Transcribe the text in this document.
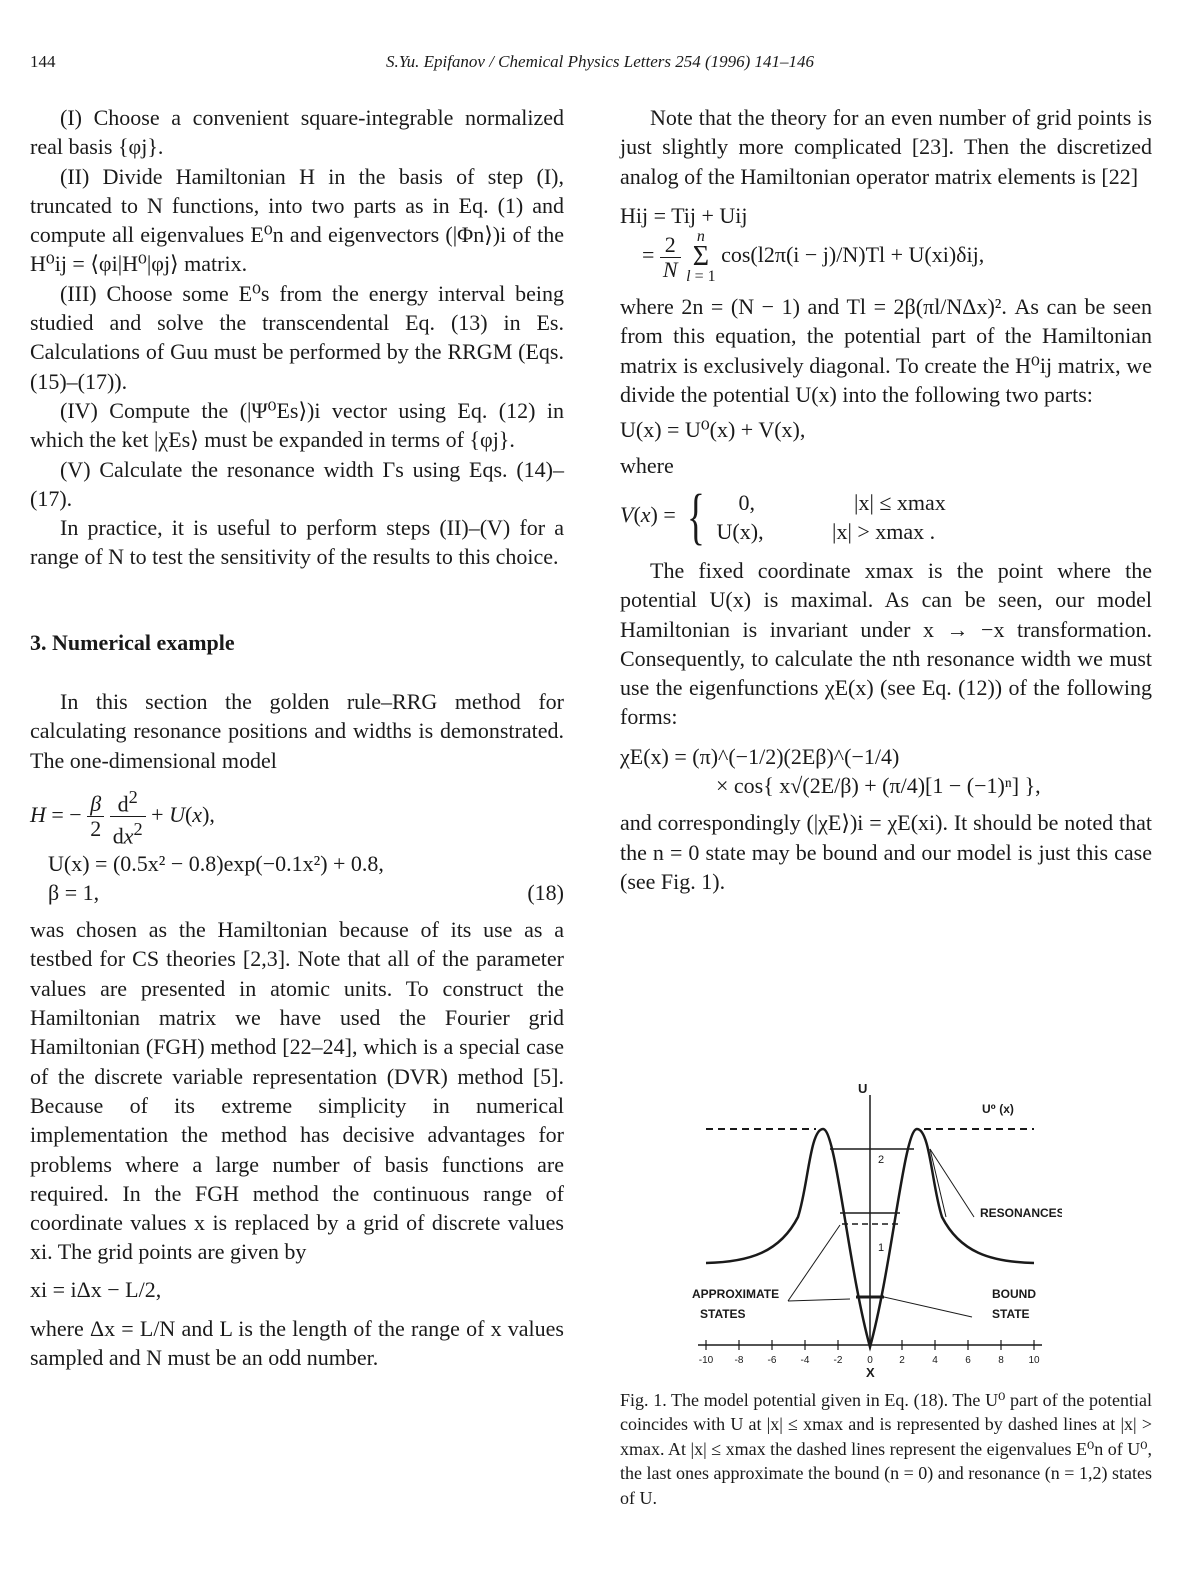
144	S.Yu. Epifanov / Chemical Physics Letters 254 (1996) 141–146

(I) Choose a convenient square-integrable normalized real basis {φj}.

(II) Divide Hamiltonian H in the basis of step (I), truncated to N functions, into two parts as in Eq. (1) and compute all eigenvalues E⁰n and eigenvectors (|Φn⟩)i of the H⁰ij = ⟨φi|H⁰|φj⟩ matrix.

(III) Choose some E⁰s from the energy interval being studied and solve the transcendental Eq. (13) in Es. Calculations of Guu must be performed by the RRGM (Eqs. (15)–(17)).

(IV) Compute the (|Ψ⁰Es⟩)i vector using Eq. (12) in which the ket |χEs⟩ must be expanded in terms of {φj}.

(V) Calculate the resonance width Γs using Eqs. (14)–(17).

In practice, it is useful to perform steps (II)–(V) for a range of N to test the sensitivity of the results to this choice.

3. Numerical example

In this section the golden rule–RRG method for calculating resonance positions and widths is demonstrated. The one-dimensional model

H = − β
2

d2
dx2
+ U(x),
U(x) = (0.5x² − 0.8)exp(−0.1x²) + 0.8,
β = 1,	(18)

was chosen as the Hamiltonian because of its use as a testbed for CS theories [2,3]. Note that all of the parameter values are presented in atomic units. To construct the Hamiltonian matrix we have used the Fourier grid Hamiltonian (FGH) method [22–24], which is a special case of the discrete variable representation (DVR) method [5]. Because of its extreme simplicity in numerical implementation the method has decisive advantages for problems where a large number of basis functions are required. In the FGH method the continuous range of coordinate values x is replaced by a grid of discrete values xi. The grid points are given by

xi = iΔx − L/2,

where Δx = L/N and L is the length of the range of x values sampled and N must be an odd number.

Note that the theory for an even number of grid points is just slightly more complicated [23]. Then the discretized analog of the Hamiltonian operator matrix elements is [22]

Hij = Tij + Uij
= 2
N
n
Σ
l = 1 cos(l2π(i − j)/N)Tl + U(xi)δij,

where 2n = (N − 1) and Tl = 2β(πl/NΔx)². As can be seen from this equation, the potential part of the Hamiltonian matrix is exclusively diagonal. To create the H⁰ij matrix, we divide the potential U(x) into the following two parts:

U(x) = U⁰(x) + V(x),

where

V(x) = {	0,	|x| ≤ xmax
U(x),	|x| > xmax .

The fixed coordinate xmax is the point where the potential U(x) is maximal. As can be seen, our model Hamiltonian is invariant under x → −x transformation. Consequently, to calculate the nth resonance width we must use the eigenfunctions χE(x) (see Eq. (12)) of the following forms:

χE(x) = (π)^(−1/2)(2Eβ)^(−1/4)
× cos{ x√(2E/β) + (π/4)[1 − (−1)ⁿ] },

and correspondingly (|χE⟩)i = χE(xi). It should be noted that the n = 0 state may be bound and our model is just this case (see Fig. 1).

U
U⁰ (x)
2
1
RESONANCES
APPROXIMATE
STATES
BOUND
STATE
-10 -8 -6 -4 -2 0	2	4	6	8 10
X

Fig. 1. The model potential given in Eq. (18). The U⁰ part of the potential coincides with U at |x| ≤ xmax and is represented by dashed lines at |x| > xmax. At |x| ≤ xmax the dashed lines represent the eigenvalues E⁰n of U⁰, the last ones approximate the bound (n = 0) and resonance (n = 1,2) states of U.
